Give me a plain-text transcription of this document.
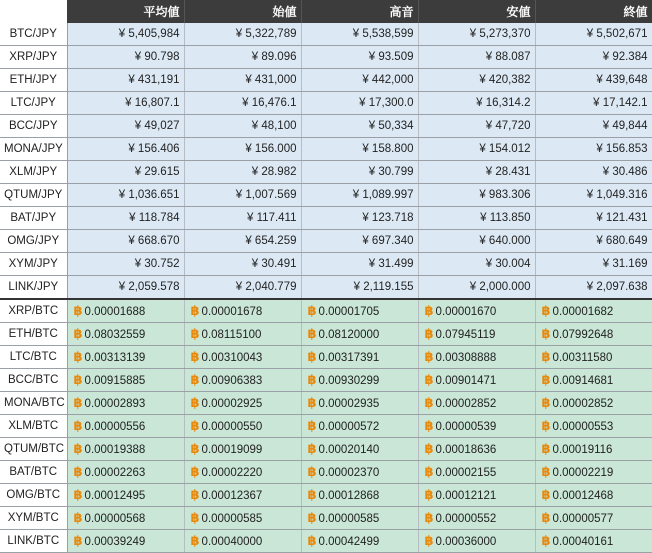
	平均値	始値	高音	安値	終値
BTC/JPY	¥ 5,405,984	¥ 5,322,789	¥ 5,538,599	¥ 5,273,370	¥ 5,502,671
XRP/JPY	¥ 90.798	¥ 89.096	¥ 93.509	¥ 88.087	¥ 92.384
ETH/JPY	¥ 431,191	¥ 431,000	¥ 442,000	¥ 420,382	¥ 439,648
LTC/JPY	¥ 16,807.1	¥ 16,476.1	¥ 17,300.0	¥ 16,314.2	¥ 17,142.1
BCC/JPY	¥ 49,027	¥ 48,100	¥ 50,334	¥ 47,720	¥ 49,844
MONA/JPY	¥ 156.406	¥ 156.000	¥ 158.800	¥ 154.012	¥ 156.853
XLM/JPY	¥ 29.615	¥ 28.982	¥ 30.799	¥ 28.431	¥ 30.486
QTUM/JPY	¥ 1,036.651	¥ 1,007.569	¥ 1,089.997	¥ 983.306	¥ 1,049.316
BAT/JPY	¥ 118.784	¥ 117.411	¥ 123.718	¥ 113.850	¥ 121.431
OMG/JPY	¥ 668.670	¥ 654.259	¥ 697.340	¥ 640.000	¥ 680.649
XYM/JPY	¥ 30.752	¥ 30.491	¥ 31.499	¥ 30.004	¥ 31.169
LINK/JPY	¥ 2,059.578	¥ 2,040.779	¥ 2,119.155	¥ 2,000.000	¥ 2,097.638
XRP/BTC	฿ 0.00001688	฿ 0.00001678	฿ 0.00001705	฿ 0.00001670	฿ 0.00001682
ETH/BTC	฿ 0.08032559	฿ 0.08115100	฿ 0.08120000	฿ 0.07945119	฿ 0.07992648
LTC/BTC	฿ 0.00313139	฿ 0.00310043	฿ 0.00317391	฿ 0.00308888	฿ 0.00311580
BCC/BTC	฿ 0.00915885	฿ 0.00906383	฿ 0.00930299	฿ 0.00901471	฿ 0.00914681
MONA/BTC	฿ 0.00002893	฿ 0.00002925	฿ 0.00002935	฿ 0.00002852	฿ 0.00002852
XLM/BTC	฿ 0.00000556	฿ 0.00000550	฿ 0.00000572	฿ 0.00000539	฿ 0.00000553
QTUM/BTC	฿ 0.00019388	฿ 0.00019099	฿ 0.00020140	฿ 0.00018636	฿ 0.00019116
BAT/BTC	฿ 0.00002263	฿ 0.00002220	฿ 0.00002370	฿ 0.00002155	฿ 0.00002219
OMG/BTC	฿ 0.00012495	฿ 0.00012367	฿ 0.00012868	฿ 0.00012121	฿ 0.00012468
XYM/BTC	฿ 0.00000568	฿ 0.00000585	฿ 0.00000585	฿ 0.00000552	฿ 0.00000577
LINK/BTC	฿ 0.00039249	฿ 0.00040000	฿ 0.00042499	฿ 0.00036000	฿ 0.00040161
